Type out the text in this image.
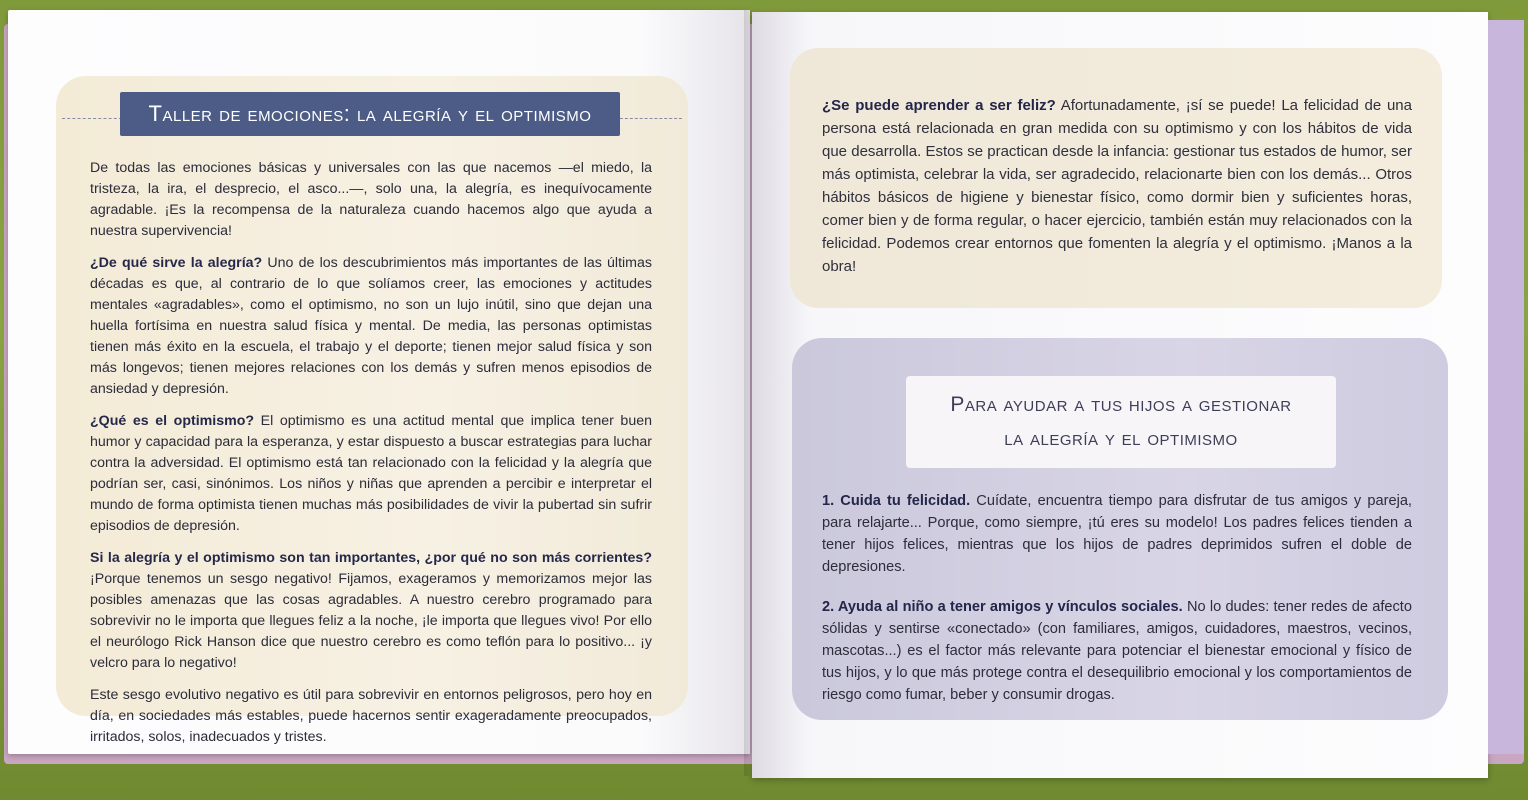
Taller de emociones: la alegría y el optimismo

De todas las emociones básicas y universales con las que nacemos —el miedo, la tristeza, la ira, el desprecio, el asco...—, solo una, la alegría, es inequívocamente agradable. ¡Es la recompensa de la naturaleza cuando hacemos algo que ayuda a nuestra supervivencia!

¿De qué sirve la alegría? Uno de los descubrimientos más importantes de las últimas décadas es que, al contrario de lo que solíamos creer, las emociones y actitudes mentales «agradables», como el optimismo, no son un lujo inútil, sino que dejan una huella fortísima en nuestra salud física y mental. De media, las personas optimistas tienen más éxito en la escuela, el trabajo y el deporte; tienen mejor salud física y son más longevos; tienen mejores relaciones con los demás y sufren menos episodios de ansiedad y depresión.

¿Qué es el optimismo? El optimismo es una actitud mental que implica tener buen humor y capacidad para la esperanza, y estar dispuesto a buscar estrategias para luchar contra la adversidad. El optimismo está tan relacionado con la felicidad y la alegría que podrían ser, casi, sinónimos. Los niños y niñas que aprenden a percibir e interpretar el mundo de forma optimista tienen muchas más posibilidades de vivir la pubertad sin sufrir episodios de depresión.

Si la alegría y el optimismo son tan importantes, ¿por qué no son más corrientes? ¡Porque tenemos un sesgo negativo! Fijamos, exageramos y memorizamos mejor las posibles amenazas que las cosas agradables. A nuestro cerebro programado para sobrevivir no le importa que llegues feliz a la noche, ¡le importa que llegues vivo! Por ello el neurólogo Rick Hanson dice que nuestro cerebro es como teflón para lo positivo... ¡y velcro para lo negativo!

Este sesgo evolutivo negativo es útil para sobrevivir en entornos peligrosos, pero hoy en día, en sociedades más estables, puede hacernos sentir exageradamente preocupados, irritados, solos, inadecuados y tristes.

¿Se puede aprender a ser feliz? Afortunadamente, ¡sí se puede! La felicidad de una persona está relacionada en gran medida con su optimismo y con los hábitos de vida que desarrolla. Estos se practican desde la infancia: gestionar tus estados de humor, ser más optimista, celebrar la vida, ser agradecido, relacionarte bien con los demás... Otros hábitos básicos de higiene y bienestar físico, como dormir bien y suficientes horas, comer bien y de forma regular, o hacer ejercicio, también están muy relacionados con la felicidad. Podemos crear entornos que fomenten la alegría y el optimismo. ¡Manos a la obra!
Para ayudar a tus hijos a gestionar
la alegría y el optimismo

1. Cuida tu felicidad. Cuídate, encuentra tiempo para disfrutar de tus amigos y pareja, para relajarte... Porque, como siempre, ¡tú eres su modelo! Los padres felices tienden a tener hijos felices, mientras que los hijos de padres deprimidos sufren el doble de depresiones.

2. Ayuda al niño a tener amigos y vínculos sociales. No lo dudes: tener redes de afecto sólidas y sentirse «conectado» (con familiares, amigos, cuidadores, maestros, vecinos, mascotas...) es el factor más relevante para potenciar el bienestar emocional y físico de tus hijos, y lo que más protege contra el desequilibrio emocional y los comportamientos de riesgo como fumar, beber y consumir drogas.
